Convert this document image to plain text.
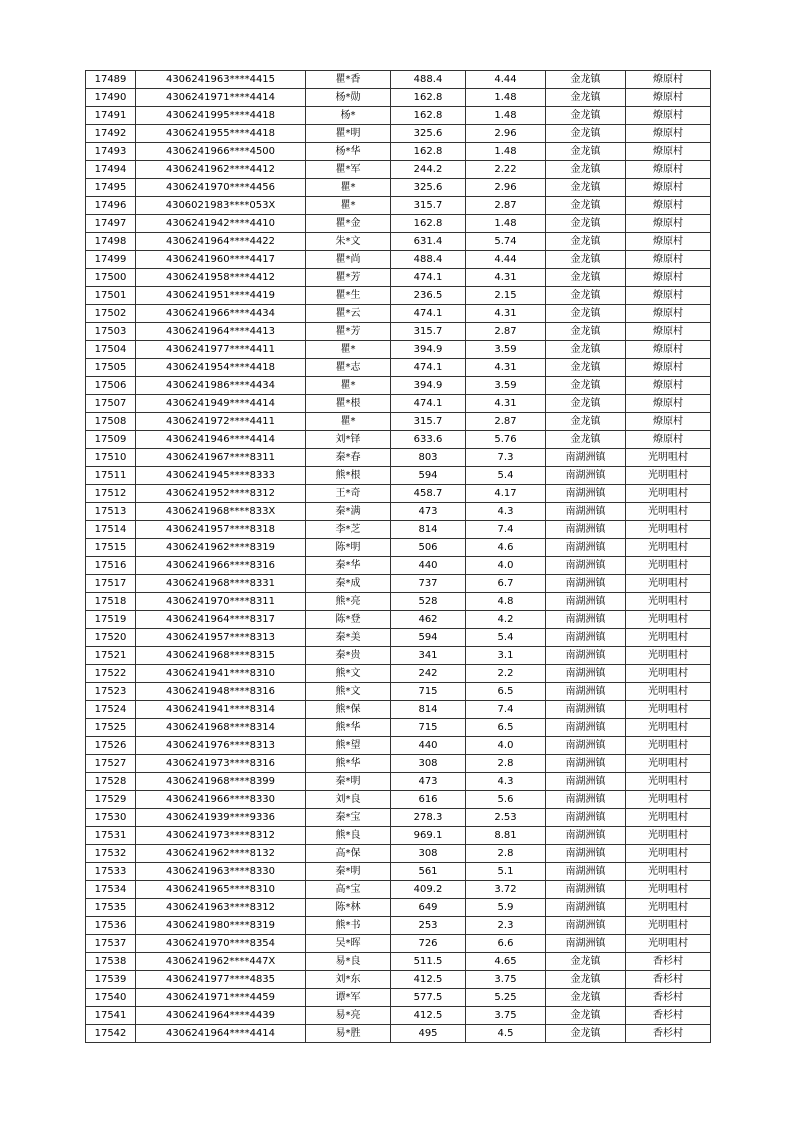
17489	4306241963****4415	瞿*香	488.4	4.44	金龙镇	燎原村
17490	4306241971****4414	杨*勋	162.8	1.48	金龙镇	燎原村
17491	4306241995****4418	杨*	162.8	1.48	金龙镇	燎原村
17492	4306241955****4418	瞿*明	325.6	2.96	金龙镇	燎原村
17493	4306241966****4500	杨*华	162.8	1.48	金龙镇	燎原村
17494	4306241962****4412	瞿*军	244.2	2.22	金龙镇	燎原村
17495	4306241970****4456	瞿*	325.6	2.96	金龙镇	燎原村
17496	4306021983****053X	瞿*	315.7	2.87	金龙镇	燎原村
17497	4306241942****4410	瞿*金	162.8	1.48	金龙镇	燎原村
17498	4306241964****4422	朱*文	631.4	5.74	金龙镇	燎原村
17499	4306241960****4417	瞿*尚	488.4	4.44	金龙镇	燎原村
17500	4306241958****4412	瞿*芳	474.1	4.31	金龙镇	燎原村
17501	4306241951****4419	瞿*生	236.5	2.15	金龙镇	燎原村
17502	4306241966****4434	瞿*云	474.1	4.31	金龙镇	燎原村
17503	4306241964****4413	瞿*芳	315.7	2.87	金龙镇	燎原村
17504	4306241977****4411	瞿*	394.9	3.59	金龙镇	燎原村
17505	4306241954****4418	瞿*志	474.1	4.31	金龙镇	燎原村
17506	4306241986****4434	瞿*	394.9	3.59	金龙镇	燎原村
17507	4306241949****4414	瞿*根	474.1	4.31	金龙镇	燎原村
17508	4306241972****4411	瞿*	315.7	2.87	金龙镇	燎原村
17509	4306241946****4414	刘*铎	633.6	5.76	金龙镇	燎原村
17510	4306241967****8311	秦*春	803	7.3	南湖洲镇	光明咀村
17511	4306241945****8333	熊*根	594	5.4	南湖洲镇	光明咀村
17512	4306241952****8312	王*奇	458.7	4.17	南湖洲镇	光明咀村
17513	4306241968****833X	秦*满	473	4.3	南湖洲镇	光明咀村
17514	4306241957****8318	李*芝	814	7.4	南湖洲镇	光明咀村
17515	4306241962****8319	陈*明	506	4.6	南湖洲镇	光明咀村
17516	4306241966****8316	秦*华	440	4.0	南湖洲镇	光明咀村
17517	4306241968****8331	秦*成	737	6.7	南湖洲镇	光明咀村
17518	4306241970****8311	熊*亮	528	4.8	南湖洲镇	光明咀村
17519	4306241964****8317	陈*登	462	4.2	南湖洲镇	光明咀村
17520	4306241957****8313	秦*美	594	5.4	南湖洲镇	光明咀村
17521	4306241968****8315	秦*贵	341	3.1	南湖洲镇	光明咀村
17522	4306241941****8310	熊*文	242	2.2	南湖洲镇	光明咀村
17523	4306241948****8316	熊*文	715	6.5	南湖洲镇	光明咀村
17524	4306241941****8314	熊*保	814	7.4	南湖洲镇	光明咀村
17525	4306241968****8314	熊*华	715	6.5	南湖洲镇	光明咀村
17526	4306241976****8313	熊*望	440	4.0	南湖洲镇	光明咀村
17527	4306241973****8316	熊*华	308	2.8	南湖洲镇	光明咀村
17528	4306241968****8399	秦*明	473	4.3	南湖洲镇	光明咀村
17529	4306241966****8330	刘*良	616	5.6	南湖洲镇	光明咀村
17530	4306241939****9336	秦*宝	278.3	2.53	南湖洲镇	光明咀村
17531	4306241973****8312	熊*良	969.1	8.81	南湖洲镇	光明咀村
17532	4306241962****8132	高*保	308	2.8	南湖洲镇	光明咀村
17533	4306241963****8330	秦*明	561	5.1	南湖洲镇	光明咀村
17534	4306241965****8310	高*宝	409.2	3.72	南湖洲镇	光明咀村
17535	4306241963****8312	陈*林	649	5.9	南湖洲镇	光明咀村
17536	4306241980****8319	熊*书	253	2.3	南湖洲镇	光明咀村
17537	4306241970****8354	吴*晖	726	6.6	南湖洲镇	光明咀村
17538	4306241962****447X	易*良	511.5	4.65	金龙镇	香杉村
17539	4306241977****4835	刘*东	412.5	3.75	金龙镇	香杉村
17540	4306241971****4459	谭*军	577.5	5.25	金龙镇	香杉村
17541	4306241964****4439	易*亮	412.5	3.75	金龙镇	香杉村
17542	4306241964****4414	易*胜	495	4.5	金龙镇	香杉村
